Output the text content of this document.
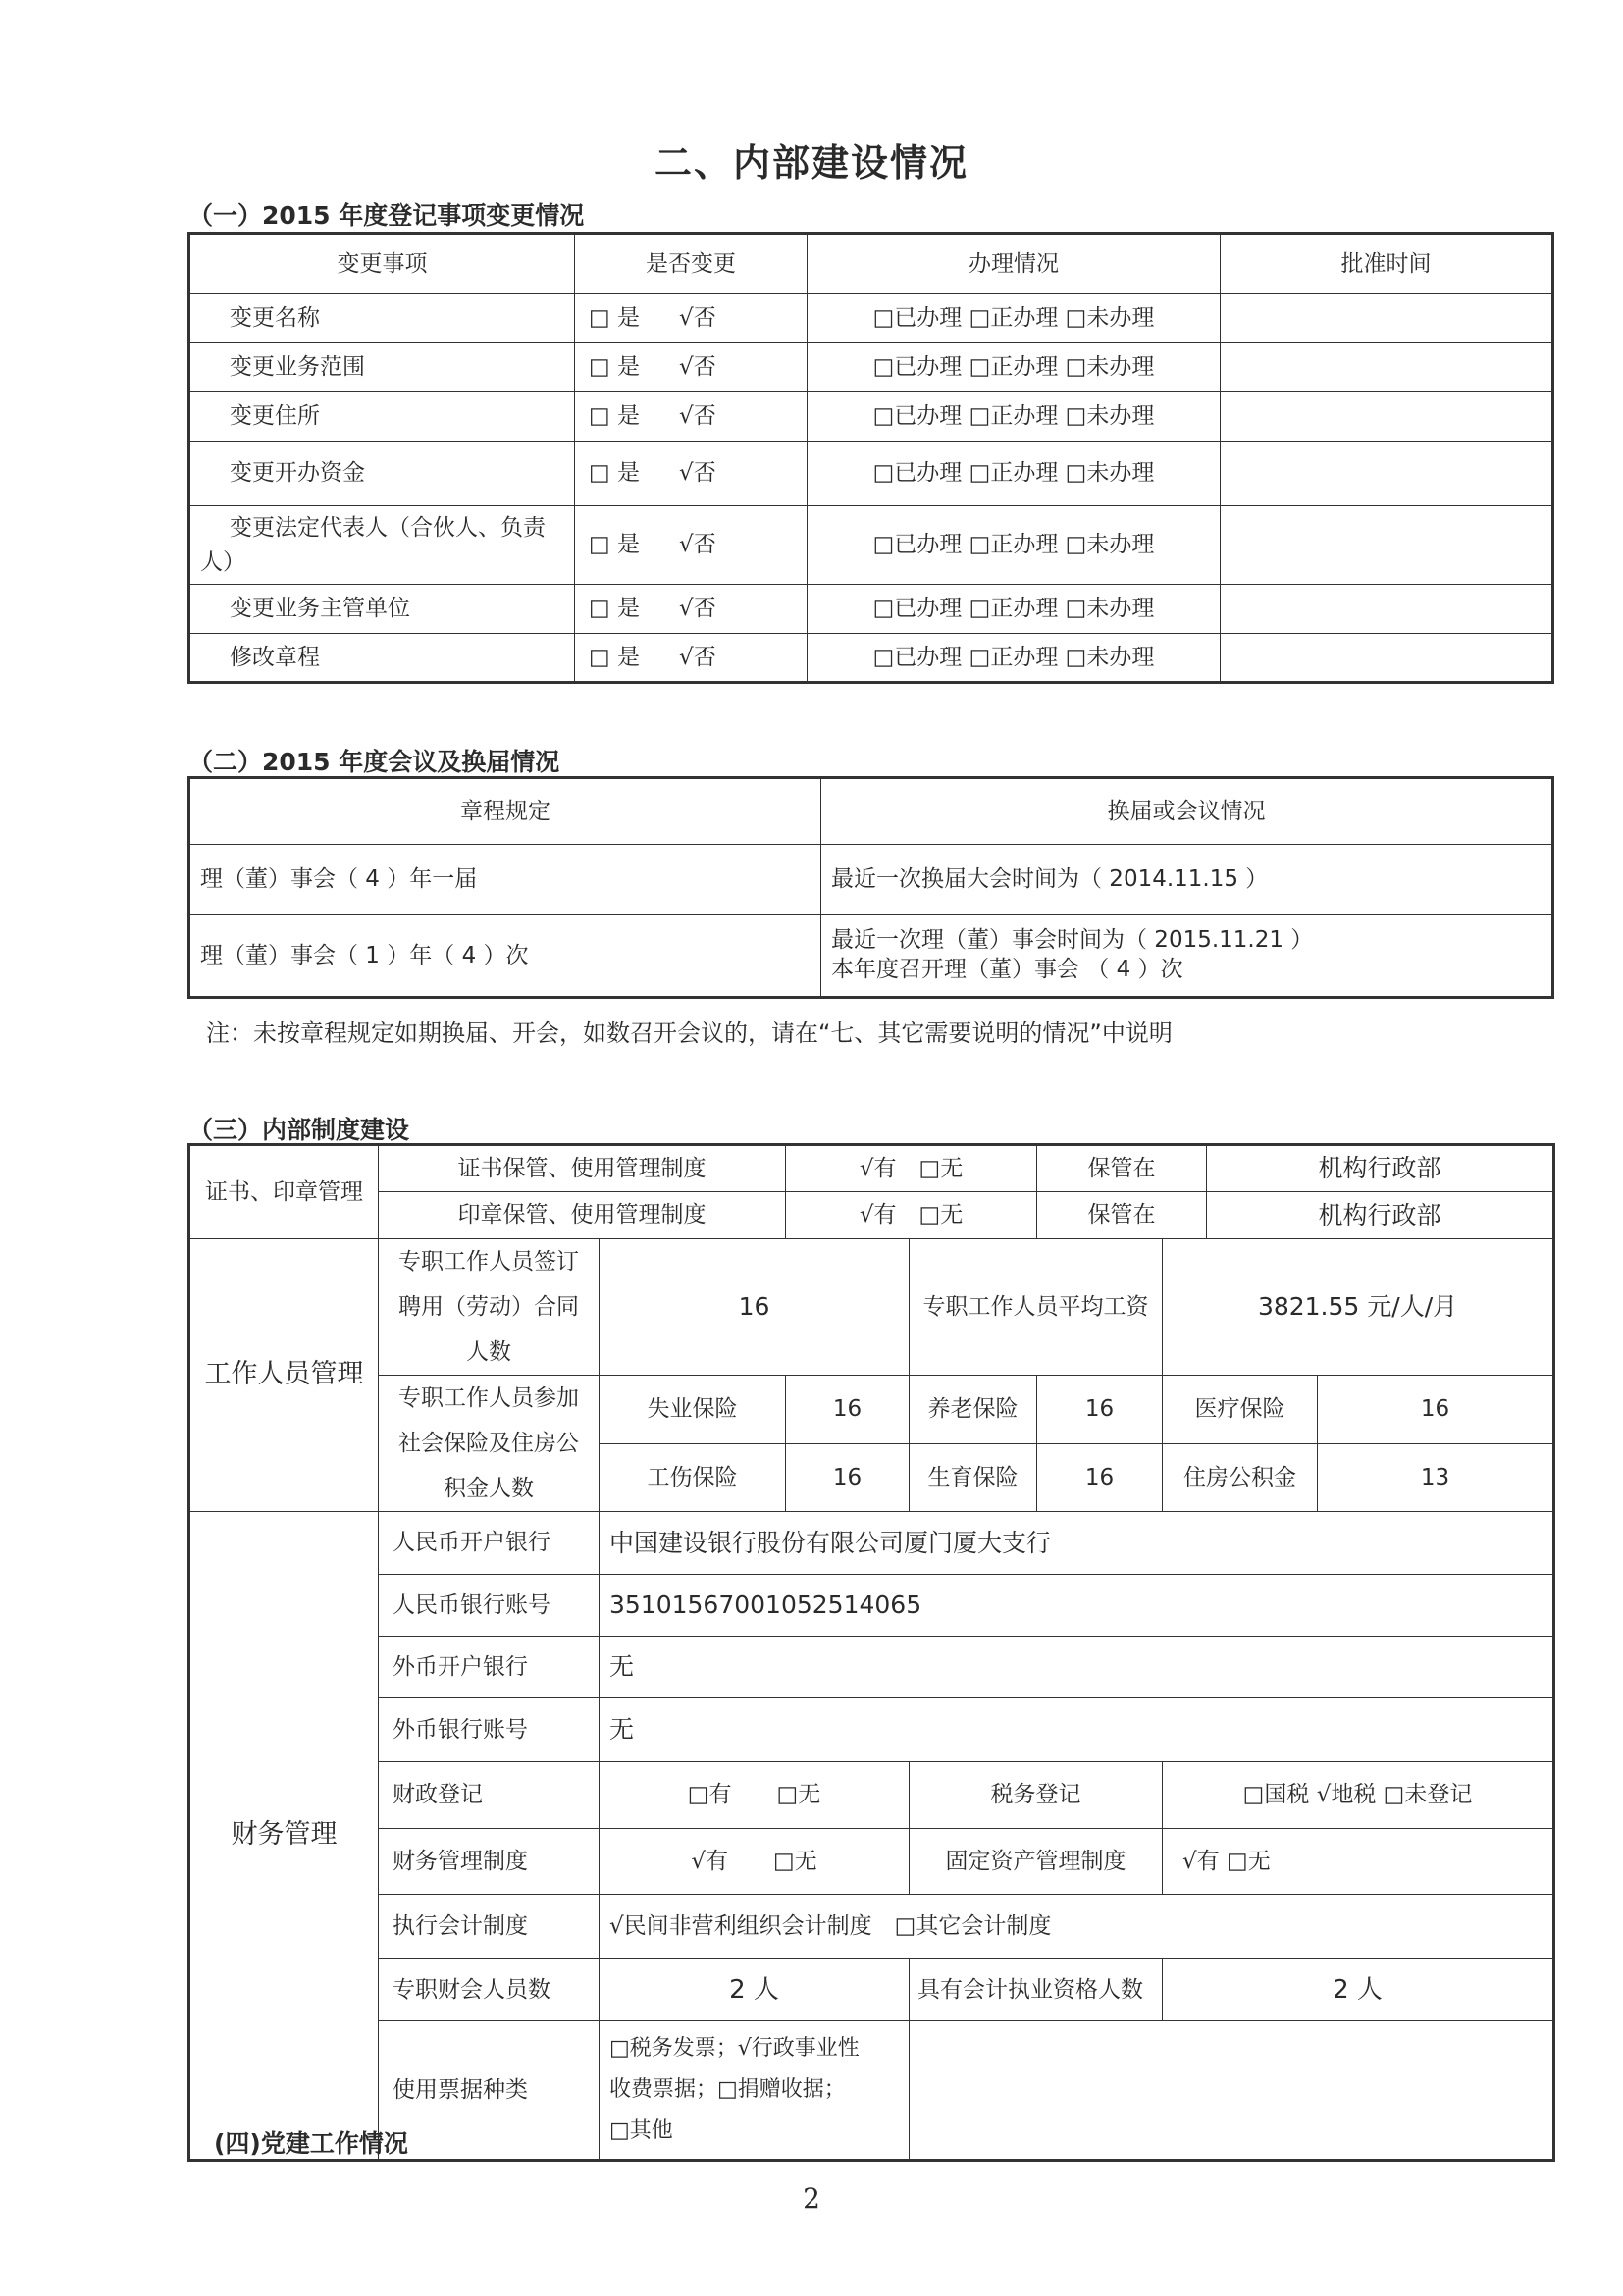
二、内部建设情况
（一）2015 年度登记事项变更情况
变更事项	是否变更	办理情况	批准时间
变更名称	□ 是 √否	□已办理 □正办理 □未办理	
变更业务范围	□ 是 √否	□已办理 □正办理 □未办理	
变更住所	□ 是 √否	□已办理 □正办理 □未办理	
变更开办资金	□ 是 √否	□已办理 □正办理 □未办理	
变更法定代表人（合伙人、负责人）	□ 是 √否	□已办理 □正办理 □未办理	
变更业务主管单位	□ 是 √否	□已办理 □正办理 □未办理	
修改章程	□ 是 √否	□已办理 □正办理 □未办理	
（二）2015 年度会议及换届情况
章程规定	换届或会议情况
理（董）事会（ 4 ）年一届	最近一次换届大会时间为（ 2014.11.15 ）
理（董）事会（ 1 ）年（ 4 ）次	最近一次理（董）事会时间为（ 2015.11.21 ）
本年度召开理（董）事会 （ 4 ）次
注：未按章程规定如期换届、开会，如数召开会议的，请在“七、其它需要说明的情况”中说明
（三）内部制度建设
证书、印章管理	证书保管、使用管理制度		√有　□无		保管在		机构行政部	
	印章保管、使用管理制度		√有　□无		保管在		机构行政部	
工作人员管理	专职工作人员签订聘用（劳动）合同人数	16		专职工作人员平均工资		3821.55 元/人/月		
	专职工作人员参加社会保险及住房公积金人数	失业保险	16	养老保险	16	医疗保险		16
		工伤保险	16	生育保险	16	住房公积金		13
财务管理	人民币开户银行	中国建设银行股份有限公司厦门厦大支行						
	人民币银行账号	35101567001052514065						
	外币开户银行	无						
	外币银行账号	无						
	财政登记	□有　　□无		税务登记		□国税 √地税 □未登记		
	财务管理制度	√有　　□无		固定资产管理制度		√有 □无		
	执行会计制度	√民间非营利组织会计制度　□其它会计制度						
	专职财会人员数	2 人		具有会计执业资格人数		2 人		
	使用票据种类	□税务发票；√行政事业性
收费票据；□捐赠收据；
□其他						

(四)党建工作情况
2
